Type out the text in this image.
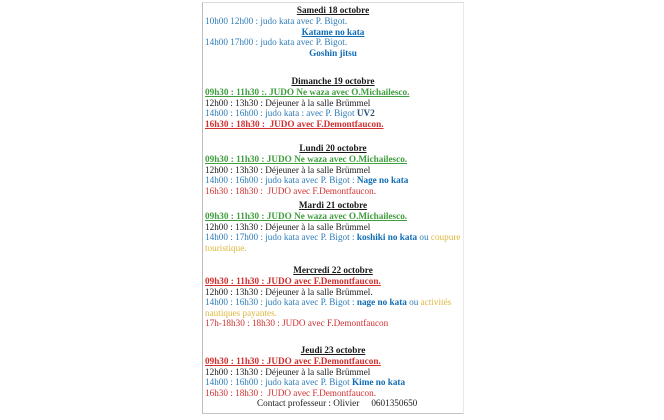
Samedi 18 octobre
10h00 12h00 : judo kata avec P. Bigot.
Katame no kata
14h00 17h00 : judo kata avec P. Bigot.
Goshin jitsu
Dimanche 19 octobre
09h30 : 11h30 :. JUDO Ne waza avec O.Michailesco.
12h00 : 13h30 : Déjeuner à la salle Brümmel
14h00 : 16h00 : judo kata : avec P. Bigot UV2
16h30 : 18h30 :  JUDO avec F.Demontfaucon.
Lundi 20 octobre
09h30 : 11h30 : JUDO Ne waza avec O.Michailesco.
12h00 : 13h30 : Déjeuner à la salle Brümmel
14h00 : 16h00 : judo kata avec P. Bigot : Nage no kata
16h30 : 18h30 :  JUDO avec F.Demontfaucon.
Mardi 21 octobre
09h30 : 11h30 : JUDO Ne waza avec O.Michailesco.
12h00 : 13h30 : Déjeuner à la salle Brümmel
14h00 : 17h00 : judo kata avec P. Bigot : koshiki no kata ou coupure touristique.
Mercredi 22 octobre
09h30 : 11h30 : JUDO avec F.Demontfaucon.
12h00 : 13h30 : Déjeuner à la salle Brümmel.
14h00 : 16h30 : judo kata avec P. Bigot : nage no kata ou activités nautiques payantes.
17h-18h30 : 18h30 : JUDO avec F.Demontfaucon
Jeudi 23 octobre
09h30 : 11h30 : JUDO avec F.Demontfaucon.
12h00 : 13h30 : Déjeuner à la salle Brümmel
14h00 : 16h00 : judo kata avec P. Bigot Kime no kata
16h30 : 18h30 :  JUDO avec F.Demontfaucon.
Contact professeur : Olivier 0601350650
